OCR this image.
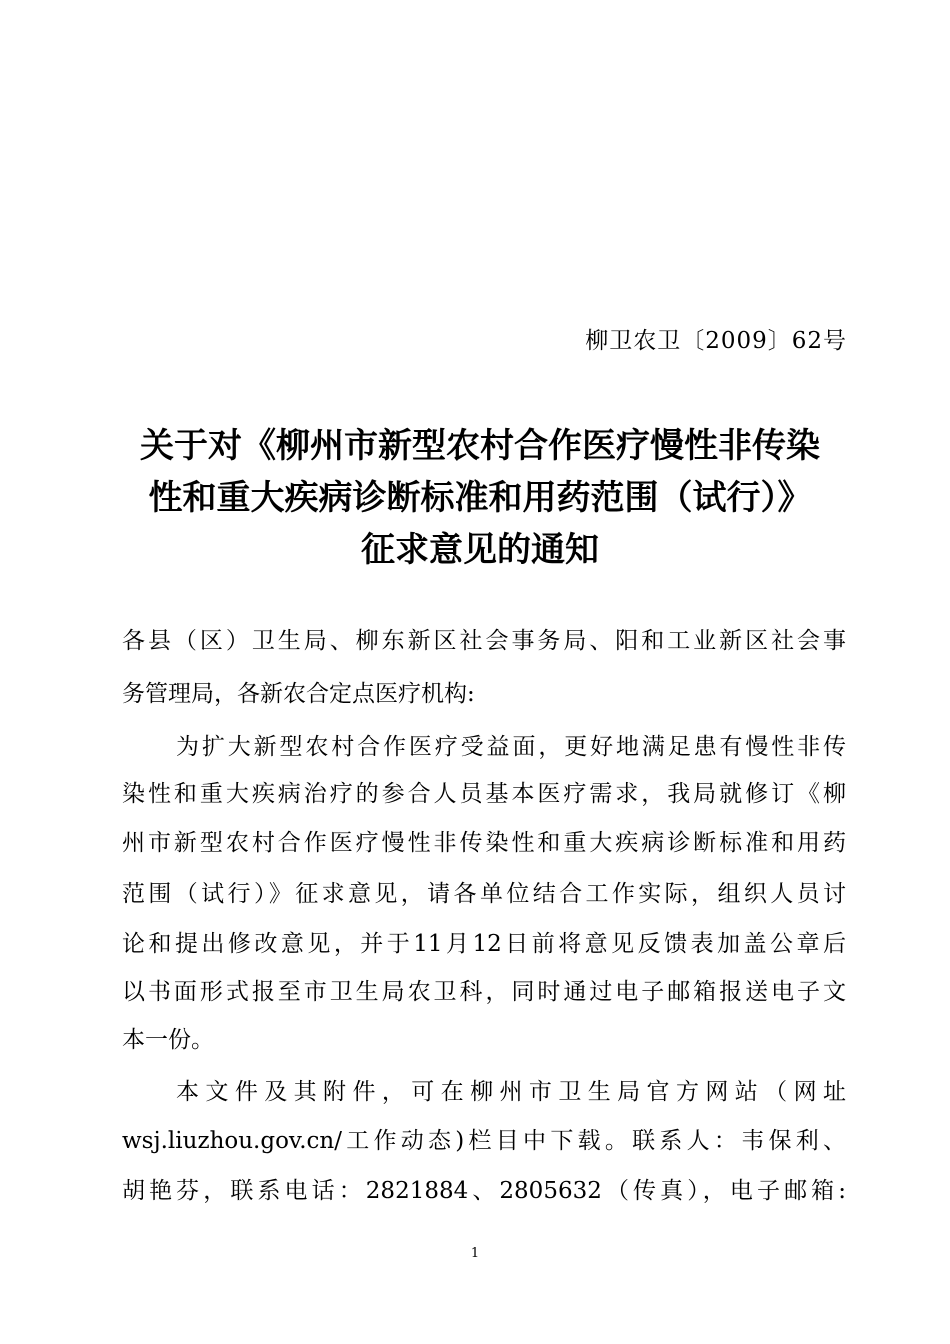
柳卫农卫〔2009〕62号
关于对《柳州市新型农村合作医疗慢性非传染
性和重大疾病诊断标准和用药范围（试行）》
征求意见的通知

各县（区）卫生局、柳东新区社会事务局、阳和工业新区社会事

务管理局，各新农合定点医疗机构:

为扩大新型农村合作医疗受益面，更好地满足患有慢性非传

染性和重大疾病治疗的参合人员基本医疗需求，我局就修订《柳

州市新型农村合作医疗慢性非传染性和重大疾病诊断标准和用药

范围（试行）》征求意见，请各单位结合工作实际，组织人员讨

论和提出修改意见，并于11月12日前将意见反馈表加盖公章后

以书面形式报至市卫生局农卫科，同时通过电子邮箱报送电子文

本一份。

本文件及其附件，可在柳州市卫生局官方网站（网址

wsj.liuzhou.gov.cn/工作动态)栏目中下载。联系人：韦保利、

胡艳芬，联系电话：2821884、2805632（传真），电子邮箱:

1
